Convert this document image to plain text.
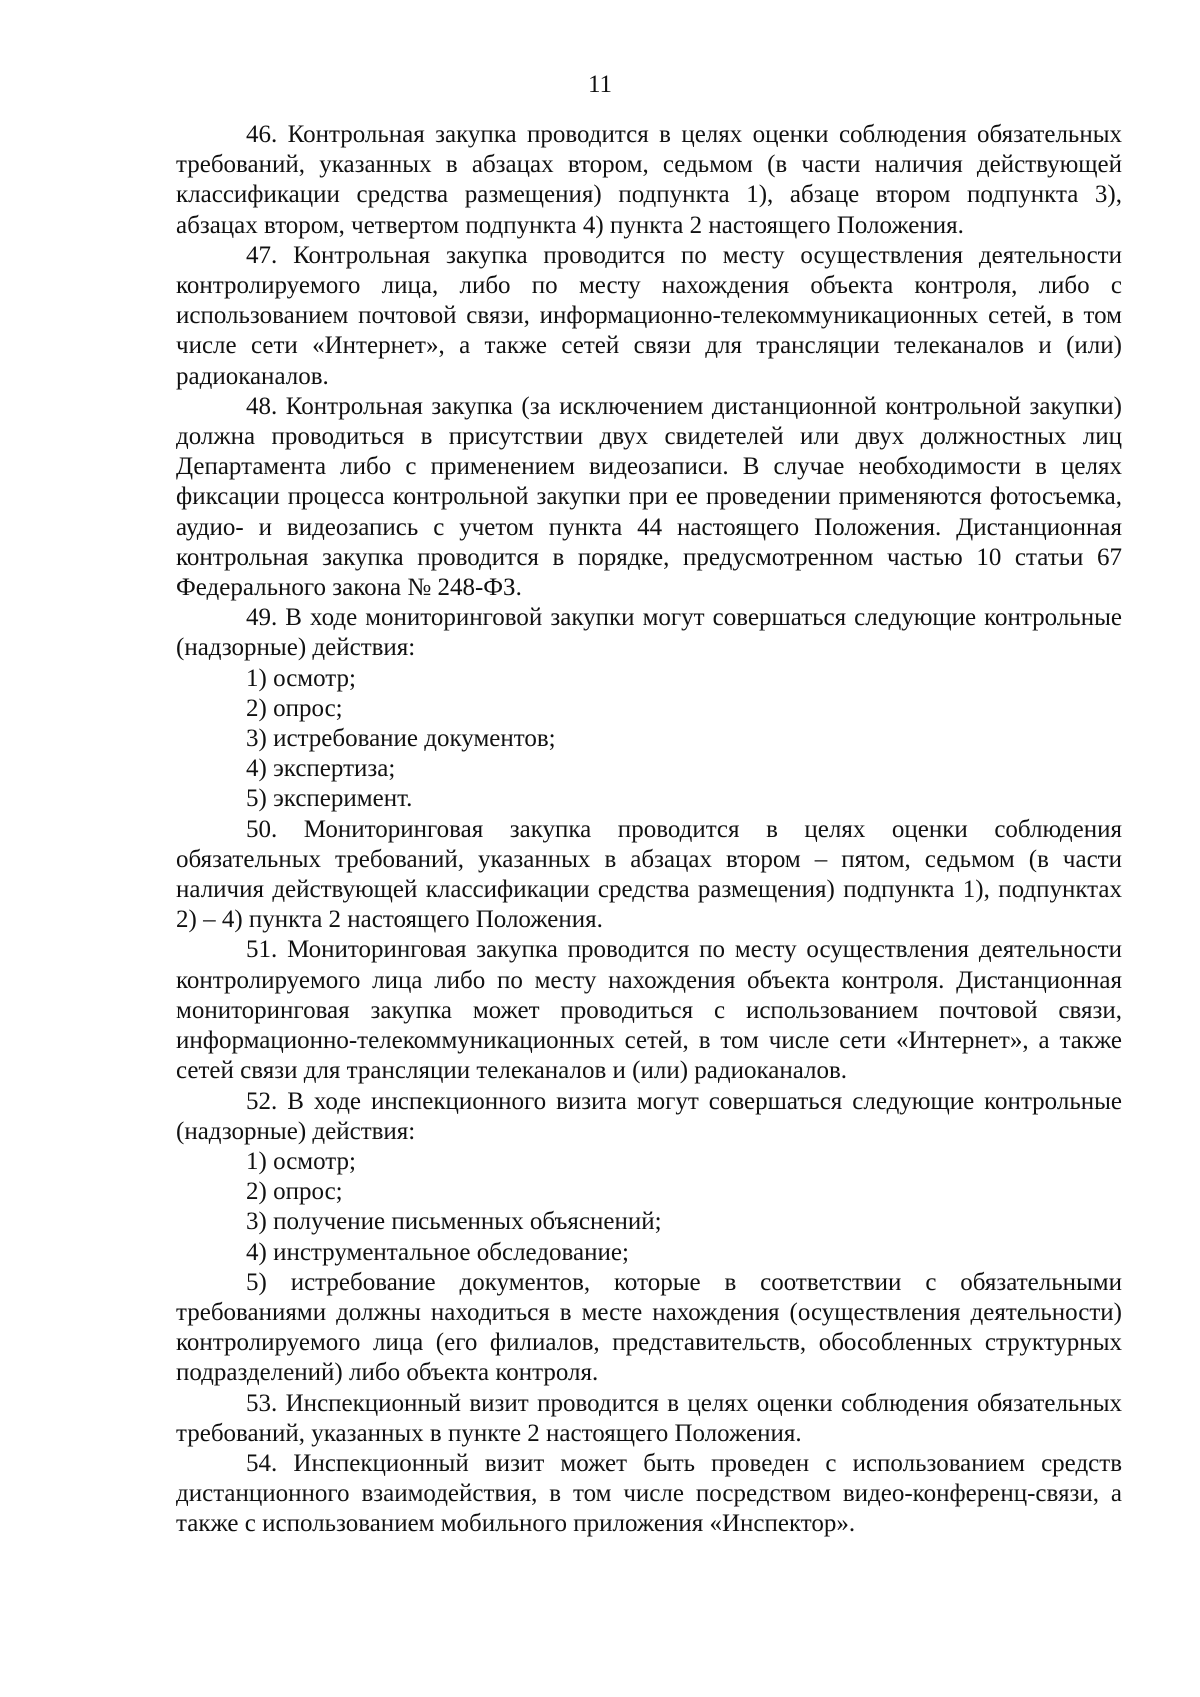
11

46. Контрольная закупка проводится в целях оценки соблюдения обязательных требований, указанных в абзацах втором, седьмом (в части наличия действующей классификации средства размещения) подпункта 1), абзаце втором подпункта 3), абзацах втором, четвертом подпункта 4) пункта 2 настоящего Положения.

47. Контрольная закупка проводится по месту осуществления деятельности контролируемого лица, либо по месту нахождения объекта контроля, либо с использованием почтовой связи, информационно-телекоммуникационных сетей, в том числе сети «Интернет», а также сетей связи для трансляции телеканалов и (или) радиоканалов.

48. Контрольная закупка (за исключением дистанционной контрольной закупки) должна проводиться в присутствии двух свидетелей или двух должностных лиц Департамента либо с применением видеозаписи. В случае необходимости в целях фиксации процесса контрольной закупки при ее проведении применяются фотосъемка, аудио- и видеозапись с учетом пункта 44 настоящего Положения. Дистанционная контрольная закупка проводится в порядке, предусмотренном частью 10 статьи 67 Федерального закона № 248-ФЗ.

49. В ходе мониторинговой закупки могут совершаться следующие контрольные (надзорные) действия:

1) осмотр;

2) опрос;

3) истребование документов;

4) экспертиза;

5) эксперимент.

50. Мониторинговая закупка проводится в целях оценки соблюдения обязательных требований, указанных в абзацах втором – пятом, седьмом (в части наличия действующей классификации средства размещения) подпункта 1), подпунктах 2) – 4) пункта 2 настоящего Положения.

51. Мониторинговая закупка проводится по месту осуществления деятельности контролируемого лица либо по месту нахождения объекта контроля. Дистанционная мониторинговая закупка может проводиться с использованием почтовой связи, информационно-телекоммуникационных сетей, в том числе сети «Интернет», а также сетей связи для трансляции телеканалов и (или) радиоканалов.

52. В ходе инспекционного визита могут совершаться следующие контрольные (надзорные) действия:

1) осмотр;

2) опрос;

3) получение письменных объяснений;

4) инструментальное обследование;

5) истребование документов, которые в соответствии с обязательными требованиями должны находиться в месте нахождения (осуществления деятельности) контролируемого лица (его филиалов, представительств, обособленных структурных подразделений) либо объекта контроля.

53. Инспекционный визит проводится в целях оценки соблюдения обязательных требований, указанных в пункте 2 настоящего Положения.

54. Инспекционный визит может быть проведен с использованием средств дистанционного взаимодействия, в том числе посредством видео-конференц-связи, а также с использованием мобильного приложения «Инспектор».
